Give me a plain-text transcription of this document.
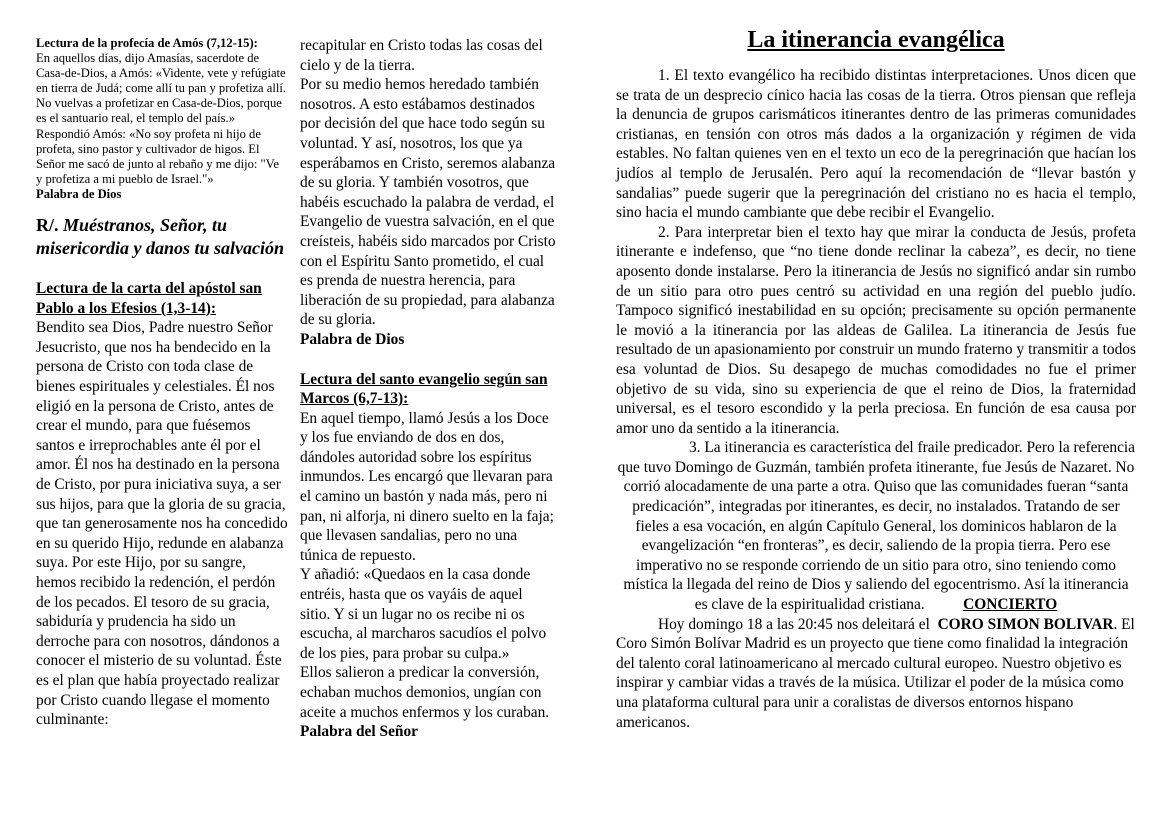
Lectura de la profecía de Amós (7,12-15):

En aquellos días, dijo Amasías, sacerdote de Casa-de-Dios, a Amós: «Vidente, vete y refúgiate en tierra de Judá; come allí tu pan y profetiza allí. No vuelvas a profetizar en Casa-de-Dios, porque es el santuario real, el templo del país.»

Respondió Amós: «No soy profeta ni hijo de profeta, sino pastor y cultivador de higos. El Señor me sacó de junto al rebaño y me dijo: "Ve y profetiza a mi pueblo de Israel."»

Palabra de Dios

R/. Muéstranos, Señor, tu misericordia y danos tu salvación

Lectura de la carta del apóstol san Pablo a los Efesios (1,3-14):

Bendito sea Dios, Padre nuestro Señor Jesucristo, que nos ha bendecido en la persona de Cristo con toda clase de bienes espirituales y celestiales. Él nos eligió en la persona de Cristo, antes de crear el mundo, para que fuésemos santos e irreprochables ante él por el amor. Él nos ha destinado en la persona de Cristo, por pura iniciativa suya, a ser sus hijos, para que la gloria de su gracia, que tan generosamente nos ha concedido en su querido Hijo, redunde en alabanza suya. Por este Hijo, por su sangre, hemos recibido la redención, el perdón de los pecados. El tesoro de su gracia, sabiduría y prudencia ha sido un derroche para con nosotros, dándonos a conocer el misterio de su voluntad. Éste es el plan que había proyectado realizar por Cristo cuando llegase el momento culminante:

recapitular en Cristo todas las cosas del cielo y de la tierra.

Por su medio hemos heredado también nosotros. A esto estábamos destinados por decisión del que hace todo según su voluntad. Y así, nosotros, los que ya esperábamos en Cristo, seremos alabanza de su gloria. Y también vosotros, que habéis escuchado la palabra de verdad, el Evangelio de vuestra salvación, en el que creísteis, habéis sido marcados por Cristo con el Espíritu Santo prometido, el cual es prenda de nuestra herencia, para liberación de su propiedad, para alabanza de su gloria.

Palabra de Dios

Lectura del santo evangelio según san Marcos (6,7-13):

En aquel tiempo, llamó Jesús a los Doce y los fue enviando de dos en dos, dándoles autoridad sobre los espíritus inmundos. Les encargó que llevaran para el camino un bastón y nada más, pero ni pan, ni alforja, ni dinero suelto en la faja; que llevasen sandalias, pero no una túnica de repuesto.

Y añadió: «Quedaos en la casa donde entréis, hasta que os vayáis de aquel sitio. Y si un lugar no os recibe ni os escucha, al marcharos sacudíos el polvo de los pies, para probar su culpa.»

Ellos salieron a predicar la conversión, echaban muchos demonios, ungían con aceite a muchos enfermos y los curaban.

Palabra del Señor

La itinerancia evangélica

1. El texto evangélico ha recibido distintas interpretaciones. Unos dicen que se trata de un desprecio cínico hacia las cosas de la tierra. Otros piensan que refleja la denuncia de grupos carismáticos itinerantes dentro de las primeras comunidades cristianas, en tensión con otros más dados a la organización y régimen de vida estables. No faltan quienes ven en el texto un eco de la peregrinación que hacían los judíos al templo de Jerusalén. Pero aquí la recomendación de “llevar bastón y sandalias” puede sugerir que la peregrinación del cristiano no es hacia el templo, sino hacia el mundo cambiante que debe recibir el Evangelio.

2. Para interpretar bien el texto hay que mirar la conducta de Jesús, profeta itinerante e indefenso, que “no tiene donde reclinar la cabeza”, es decir, no tiene aposento donde instalarse. Pero la itinerancia de Jesús no significó andar sin rumbo de un sitio para otro pues centró su actividad en una región del pueblo judío. Tampoco significó inestabilidad en su opción; precisamente su opción permanente le movió a la itinerancia por las aldeas de Galilea. La itinerancia de Jesús fue resultado de un apasionamiento por construir un mundo fraterno y transmitir a todos esa voluntad de Dios. Su desapego de muchas comodidades no fue el primer objetivo de su vida, sino su experiencia de que el reino de Dios, la fraternidad universal, es el tesoro escondido y la perla preciosa. En función de esa causa por amor uno da sentido a la itinerancia.

3. La itinerancia es característica del fraile predicador. Pero la referencia que tuvo Domingo de Guzmán, también profeta itinerante, fue Jesús de Nazaret. No corrió alocadamente de una parte a otra. Quiso que las comunidades fueran “santa predicación”, integradas por itinerantes, es decir, no instalados. Tratando de ser fieles a esa vocación, en algún Capítulo General, los dominicos hablaron de la evangelización “en fronteras”, es decir, saliendo de la propia tierra. Pero ese imperativo no se responde corriendo de un sitio para otro, sino teniendo como mística la llegada del reino de Dios y saliendo del egocentrismo. Así la itinerancia es clave de la espiritualidad cristiana. CONCIERTO

Hoy domingo 18 a las 20:45 nos deleitará el CORO SIMON BOLIVAR. El Coro Simón Bolívar Madrid es un proyecto que tiene como finalidad la integración del talento coral latinoamericano al mercado cultural europeo. Nuestro objetivo es inspirar y cambiar vidas a través de la música. Utilizar el poder de la música como una plataforma cultural para unir a coralistas de diversos entornos hispano americanos.
